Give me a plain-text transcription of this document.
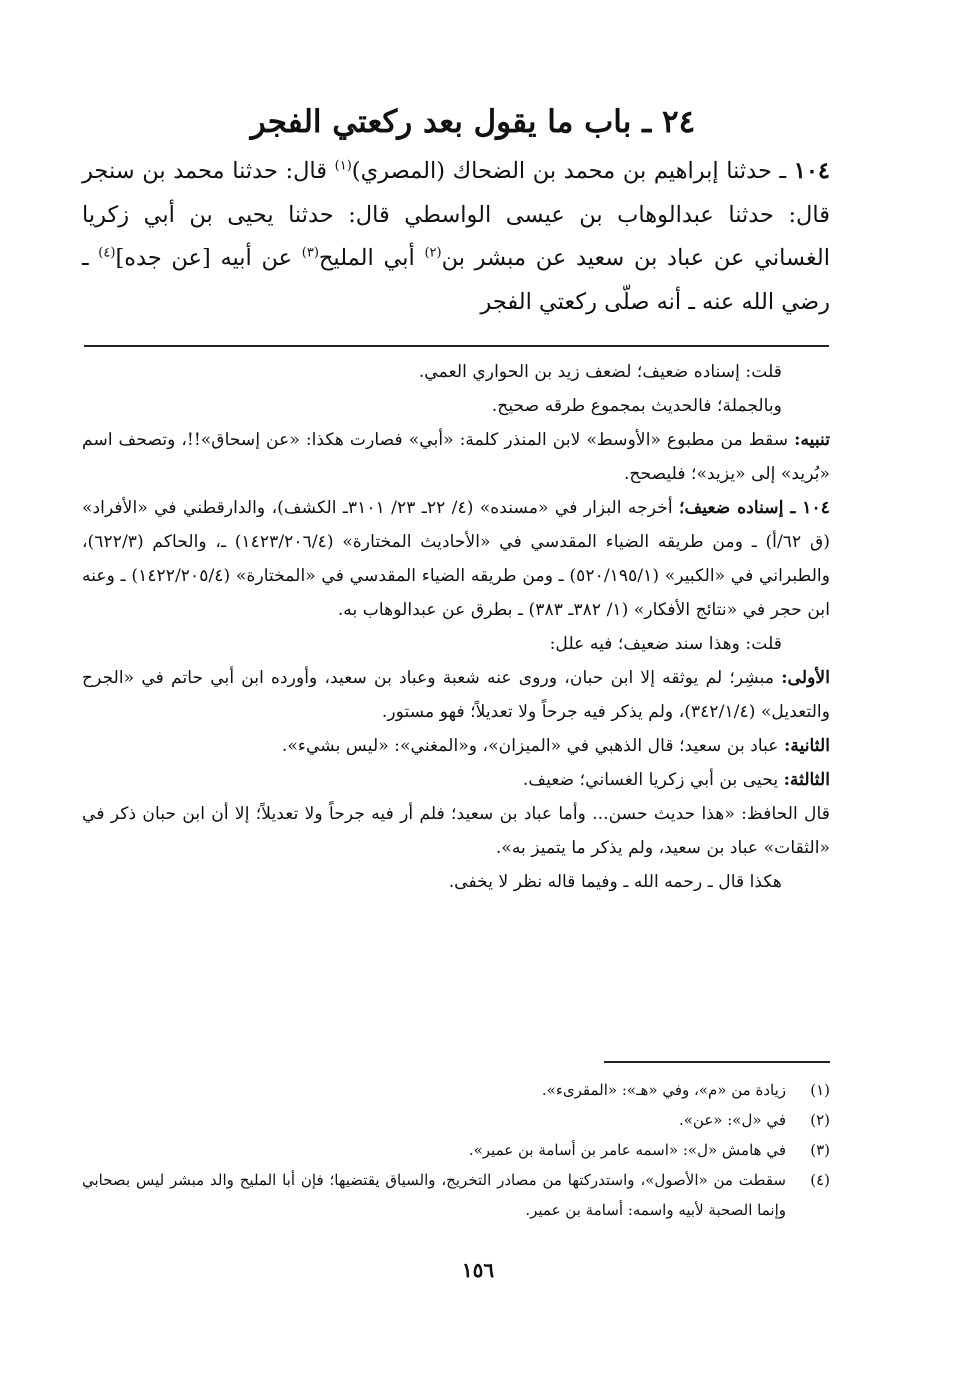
٢٤ ـ باب ما يقول بعد ركعتي الفجر
١٠٤ ـ حدثنا إبراهيم بن محمد بن الضحاك (المصري)$^{(١)}$ قال: حدثنا محمد بن سنجر قال: حدثنا عبدالوهاب بن عيسى الواسطي قال: حدثنا يحيى بن أبي زكريا الغساني عن عباد بن سعيد عن مبشر بن$^{(٢)}$ أبي المليح$^{(٣)}$ عن أبيه [عن جده]$^{(٤)}$ ـ رضي الله عنه ـ أنه صلّى ركعتي الفجر

قلت: إسناده ضعيف؛ لضعف زيد بن الحواري العمي.

وبالجملة؛ فالحديث بمجموع طرقه صحيح.

تنبيه: سقط من مطبوع «الأوسط» لابن المنذر كلمة: «أبي» فصارت هكذا: «عن إسحاق»!!، وتصحف اسم «بُريد» إلى «يزيد»؛ فليصحح.

١٠٤ ـ إسناده ضعيف؛ أخرجه البزار في «مسنده» (٤/ ٢٢ـ ٢٣/ ٣١٠١ـ الكشف)، والدارقطني في «الأفراد» (ق ٦٢/أ) ـ ومن طريقه الضياء المقدسي في «الأحاديث المختارة» (١٤٢٣/٢٠٦/٤) ـ، والحاكم (٦٢٢/٣)، والطبراني في «الكبير» (٥٢٠/١٩٥/١) ـ ومن طريقه الضياء المقدسي في «المختارة» (١٤٢٢/٢٠٥/٤) ـ وعنه ابن حجر في «نتائج الأفكار» (١/ ٣٨٢ـ ٣٨٣) ـ بطرق عن عبدالوهاب به.

قلت: وهذا سند ضعيف؛ فيه علل:

الأولى: مبشِر؛ لم يوثقه إلا ابن حبان، وروى عنه شعبة وعباد بن سعيد، وأورده ابن أبي حاتم في «الجرح والتعديل» (٣٤٢/١/٤)، ولم يذكر فيه جرحاً ولا تعديلاً؛ فهو مستور.

الثانية: عباد بن سعيد؛ قال الذهبي في «الميزان»، و«المغني»: «ليس بشيء».

الثالثة: يحيى بن أبي زكريا الغساني؛ ضعيف.

قال الحافظ: «هذا حديث حسن... وأما عباد بن سعيد؛ فلم أر فيه جرحاً ولا تعديلاً؛ إلا أن ابن حبان ذكر في «الثقات» عباد بن سعيد، ولم يذكر ما يتميز به».

هكذا قال ـ رحمه الله ـ وفيما قاله نظر لا يخفى.

(١)
زيادة من «م»، وفي «هـ»: «المقرىء».
(٢)
في «ل»: «عن».
(٣)
في هامش «ل»: «اسمه عامر بن أسامة بن عمير».
(٤)
سقطت من «الأصول»، واستدركتها من مصادر التخريج، والسياق يقتضيها؛ فإن أبا المليح والد مبشر ليس بصحابي وإنما الصحبة لأبيه واسمه: أسامة بن عمير.
١٥٦
